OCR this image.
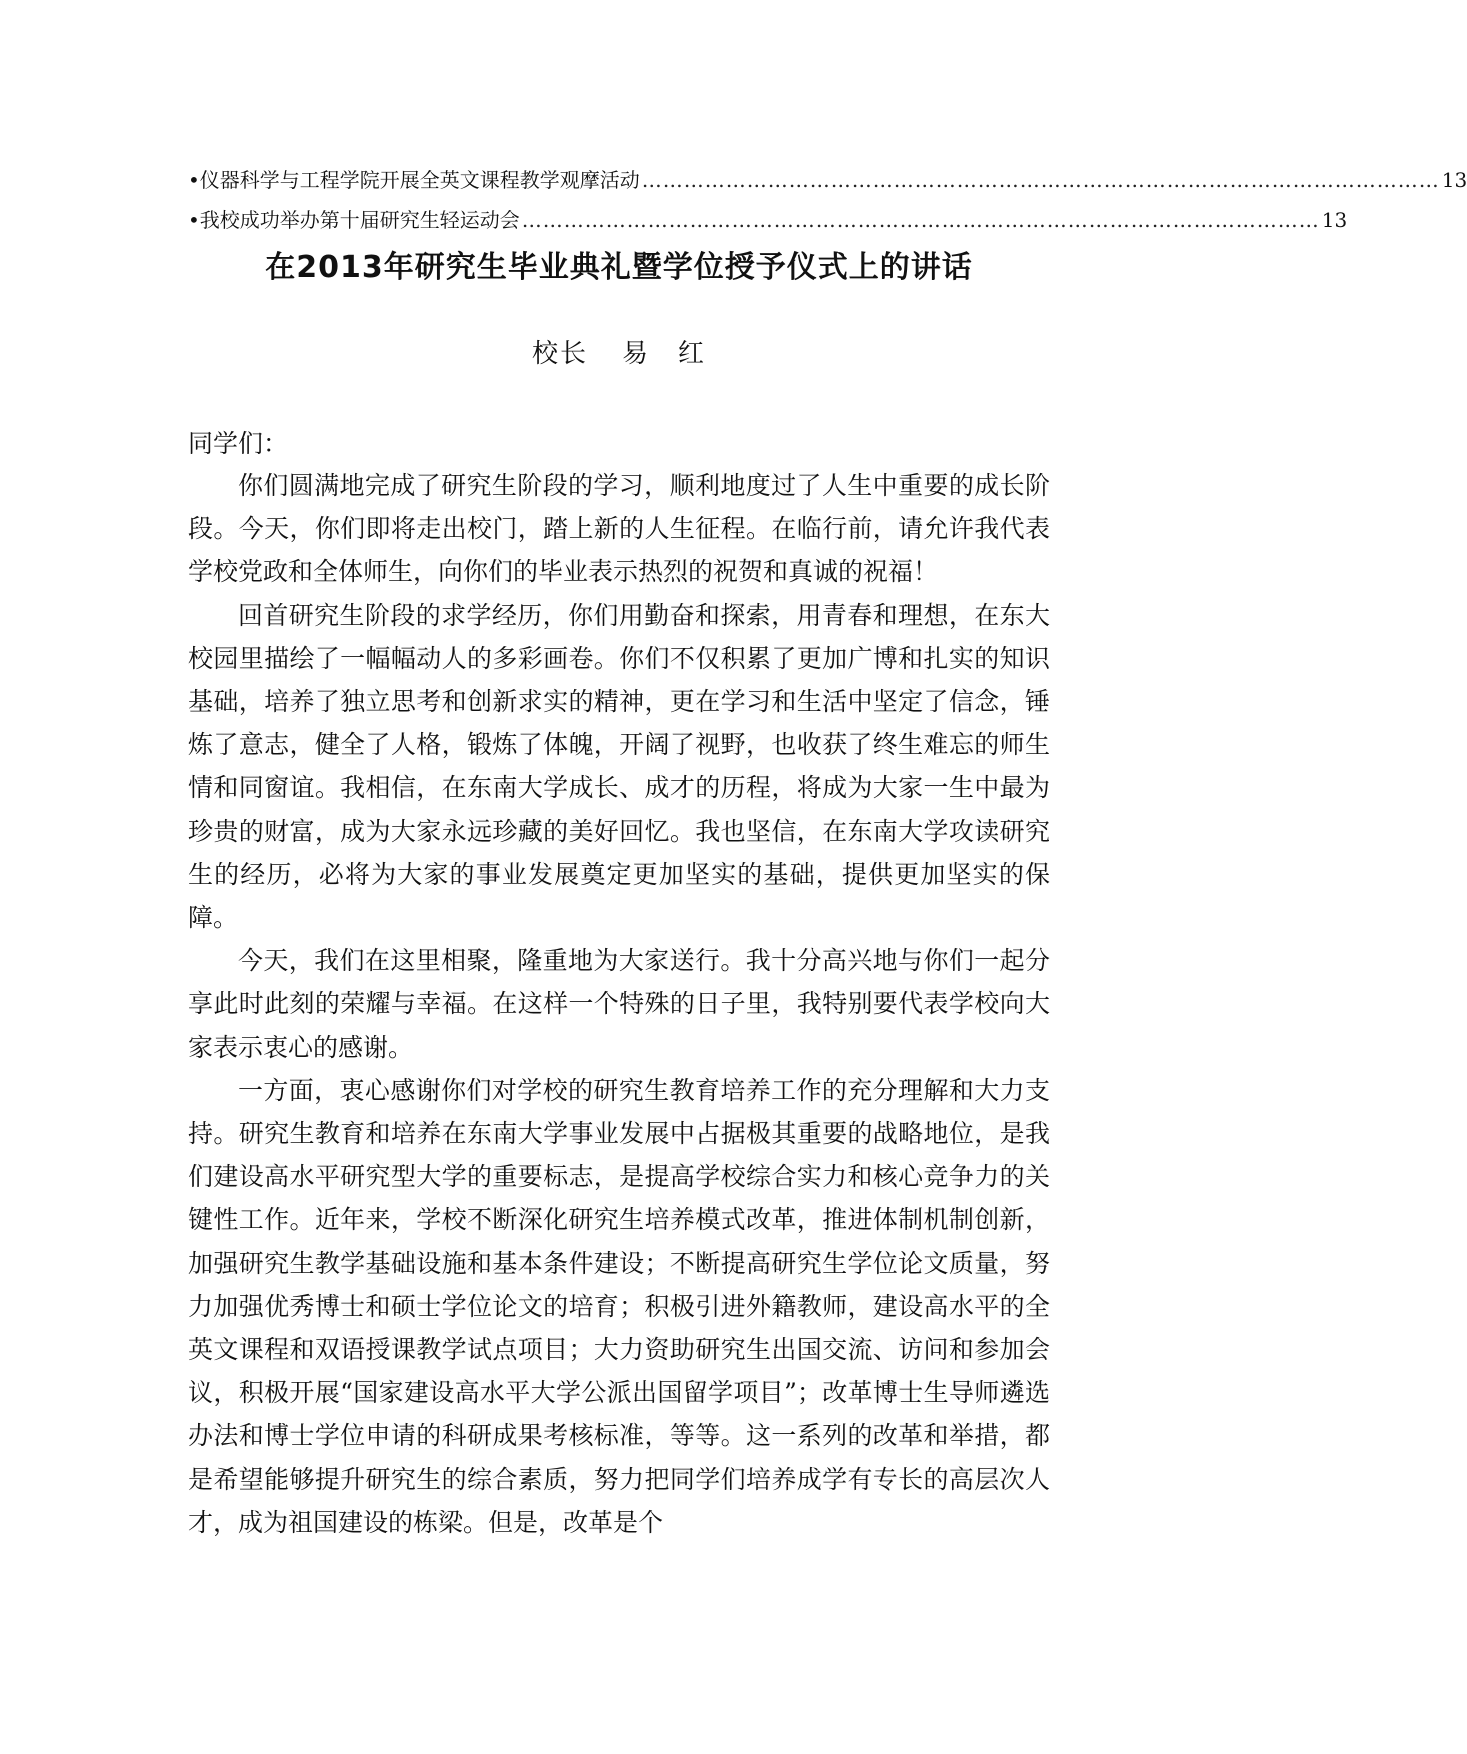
•仪器科学与工程学院开展全英文课程教学观摩活动 …………………………………………………………………………………………………… 13
•我校成功举办第十届研究生轻运动会 …………………………………………………………………………………………………… 13
在2013年研究生毕业典礼暨学位授予仪式上的讲话
校长 易　红

同学们：

你们圆满地完成了研究生阶段的学习，顺利地度过了人生中重要的成长阶段。今天，你们即将走出校门，踏上新的人生征程。在临行前，请允许我代表学校党政和全体师生，向你们的毕业表示热烈的祝贺和真诚的祝福！

回首研究生阶段的求学经历，你们用勤奋和探索，用青春和理想，在东大校园里描绘了一幅幅动人的多彩画卷。你们不仅积累了更加广博和扎实的知识基础，培养了独立思考和创新求实的精神，更在学习和生活中坚定了信念，锤炼了意志，健全了人格，锻炼了体魄，开阔了视野，也收获了终生难忘的师生情和同窗谊。我相信，在东南大学成长、成才的历程，将成为大家一生中最为珍贵的财富，成为大家永远珍藏的美好回忆。我也坚信，在东南大学攻读研究生的经历，必将为大家的事业发展奠定更加坚实的基础，提供更加坚实的保障。

今天，我们在这里相聚，隆重地为大家送行。我十分高兴地与你们一起分享此时此刻的荣耀与幸福。在这样一个特殊的日子里，我特别要代表学校向大家表示衷心的感谢。

一方面，衷心感谢你们对学校的研究生教育培养工作的充分理解和大力支持。研究生教育和培养在东南大学事业发展中占据极其重要的战略地位，是我们建设高水平研究型大学的重要标志，是提高学校综合实力和核心竞争力的关键性工作。近年来，学校不断深化研究生培养模式改革，推进体制机制创新，加强研究生教学基础设施和基本条件建设；不断提高研究生学位论文质量，努力加强优秀博士和硕士学位论文的培育；积极引进外籍教师，建设高水平的全英文课程和双语授课教学试点项目；大力资助研究生出国交流、访问和参加会议，积极开展“国家建设高水平大学公派出国留学项目”；改革博士生导师遴选办法和博士学位申请的科研成果考核标准，等等。这一系列的改革和举措，都是希望能够提升研究生的综合素质，努力把同学们培养成学有专长的高层次人才，成为祖国建设的栋梁。但是，改革是个
